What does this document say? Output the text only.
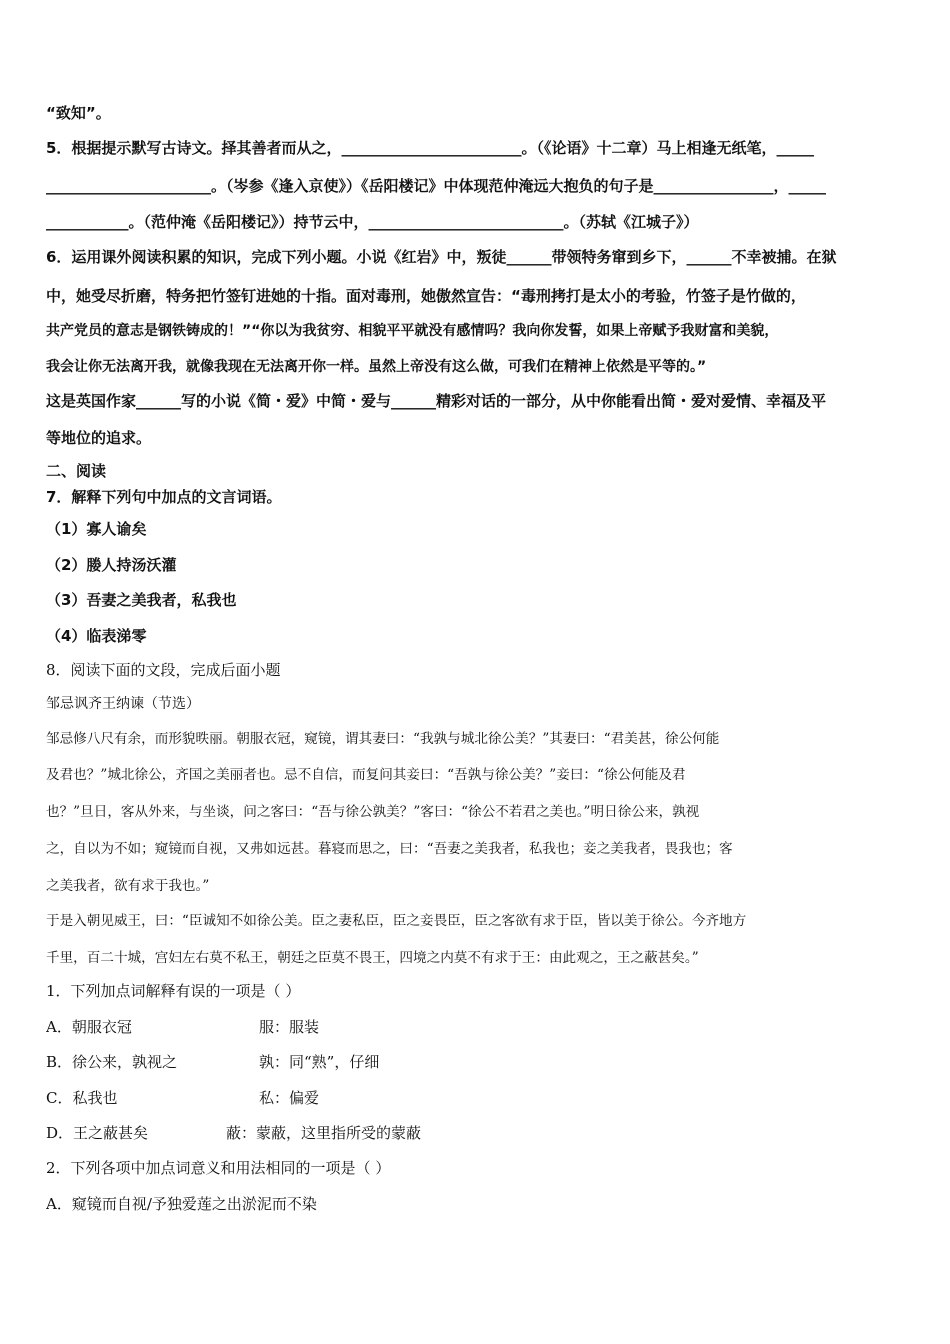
“致知”。
5．根据提示默写古诗文。择其善者而从之，________________________。（《论语》十二章）马上相逢无纸笔，_____
______________________。（岑参《逢入京使》）《岳阳楼记》中体现范仲淹远大抱负的句子是________________，_____
___________。（范仲淹《岳阳楼记》）持节云中，__________________________。（苏轼《江城子》）
6．运用课外阅读积累的知识，完成下列小题。小说《红岩》中，叛徒______带领特务窜到乡下，______不幸被捕。在狱
中，她受尽折磨，特务把竹签钉进她的十指。面对毒刑，她傲然宣告：“毒刑拷打是太小的考验，竹签子是竹做的，
共产党员的意志是钢铁铸成的！”“你以为我贫穷、相貌平平就没有感情吗？我向你发誓，如果上帝赋予我财富和美貌，
我会让你无法离开我，就像我现在无法离开你一样。虽然上帝没有这么做，可我们在精神上依然是平等的。”
这是英国作家______写的小说《简・爱》中简・爱与______精彩对话的一部分，从中你能看出简・爱对爱情、幸福及平
等地位的追求。
二、阅读
7．解释下列句中加点的文言词语。
（1）寡人谕矣
（2）媵人持汤沃灌
（3）吾妻之美我者，私我也
（4）临表涕零
8．阅读下面的文段，完成后面小题
邹忌讽齐王纳谏（节选）
邹忌修八尺有余，而形貌昳丽。朝服衣冠，窥镜，谓其妻曰：“我孰与城北徐公美？”其妻曰：“君美甚，徐公何能
及君也？”城北徐公，齐国之美丽者也。忌不自信，而复问其妾曰：“吾孰与徐公美？”妾曰：“徐公何能及君
也？”旦日，客从外来，与坐谈，问之客曰：“吾与徐公孰美？”客曰：“徐公不若君之美也。”明日徐公来，孰视
之，自以为不如；窥镜而自视，又弗如远甚。暮寝而思之，曰：“吾妻之美我者，私我也；妾之美我者，畏我也；客
之美我者，欲有求于我也。”
于是入朝见威王，曰：“臣诚知不如徐公美。臣之妻私臣，臣之妾畏臣，臣之客欲有求于臣，皆以美于徐公。今齐地方
千里，百二十城，宫妇左右莫不私王，朝廷之臣莫不畏王，四境之内莫不有求于王：由此观之，王之蔽甚矣。”
1．下列加点词解释有误的一项是（ ）
A．朝服衣冠	服：服装
B．徐公来，孰视之	孰：同“熟”，仔细
C．私我也	私：偏爱
D．王之蔽甚矣	蔽：蒙蔽，这里指所受的蒙蔽
2．下列各项中加点词意义和用法相同的一项是（ ）
A．窥镜而自视/予独爱莲之出淤泥而不染
